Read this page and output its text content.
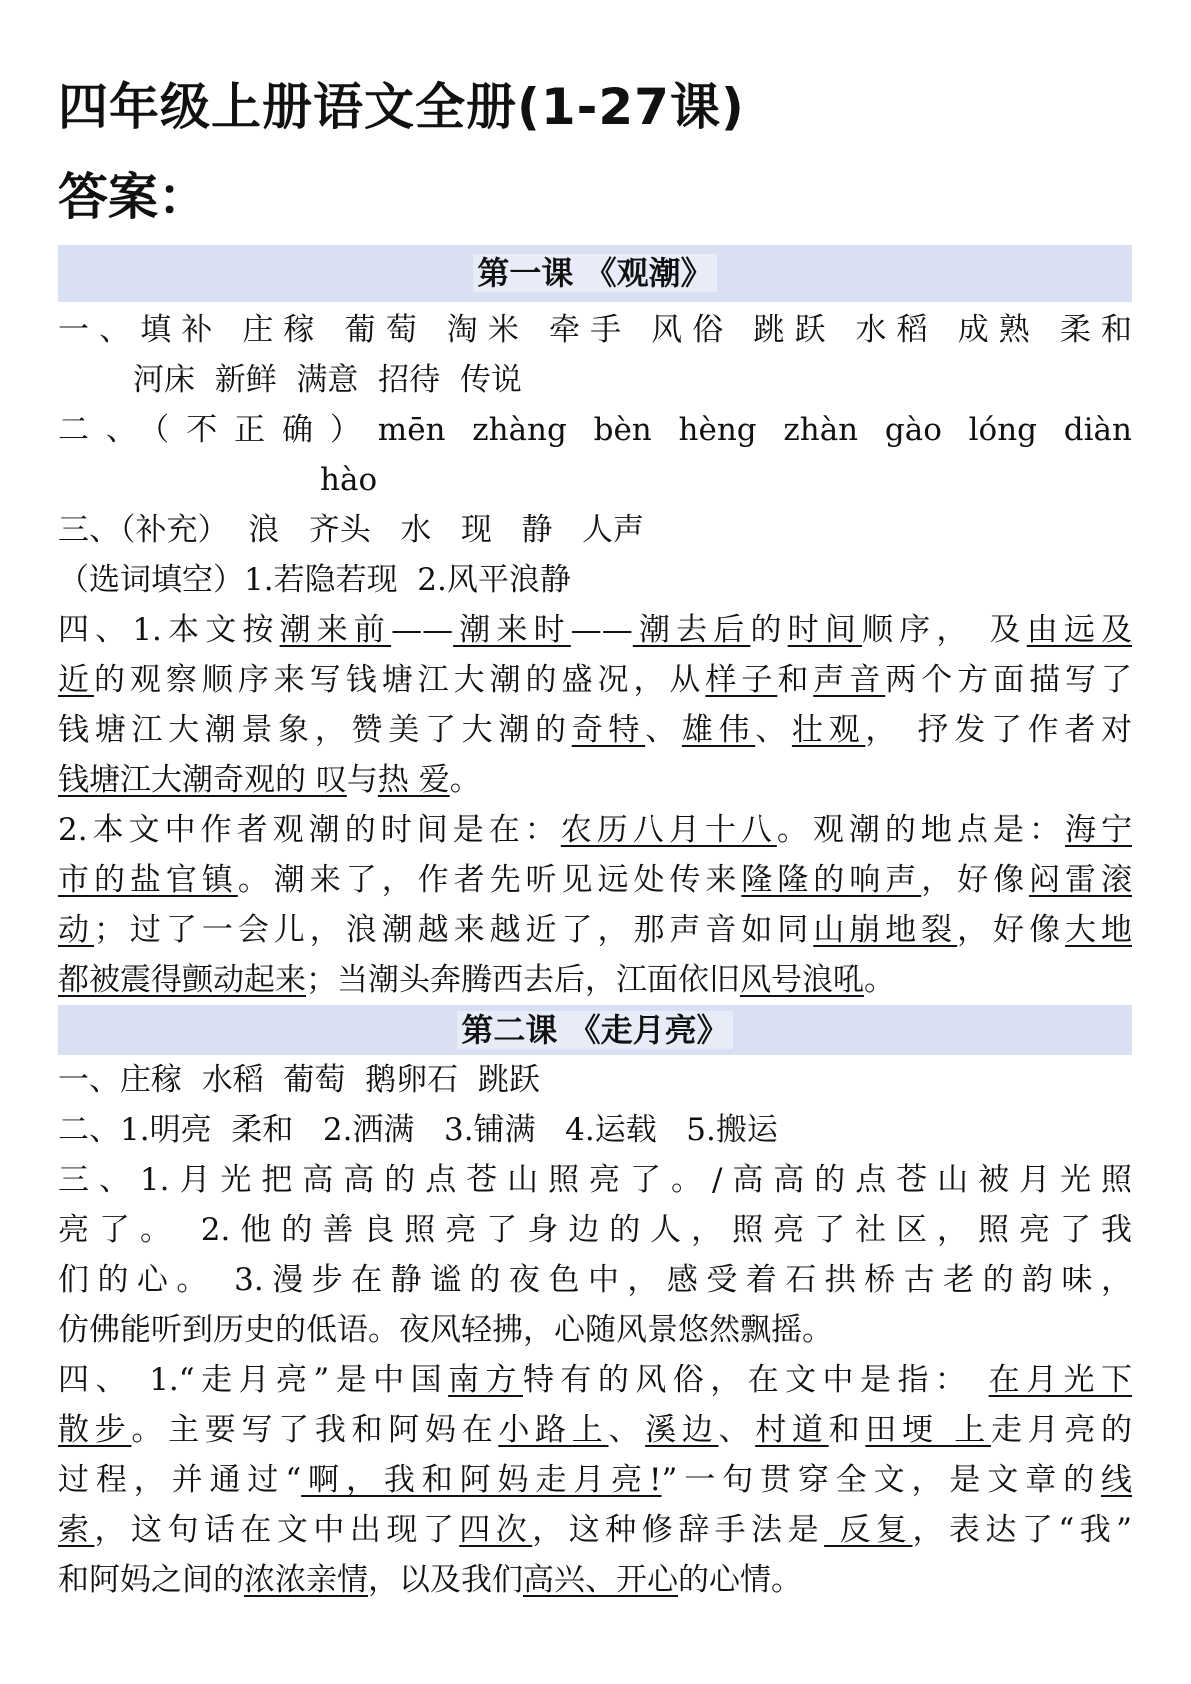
四年级上册语文全册(1-27课)
答案：
第一课 《观潮》
一、填补 庄稼 葡萄 淘米 牵手 风俗 跳跃 水稻 成熟 柔和
河床  新鲜  满意  招待  传说
二、（不正确）mēn zhàng bèn hèng zhàn gào lóng diàn
hào
三、（补充）  浪   齐头   水   现   静   人声
（选词填空）1.若隐若现  2.风平浪静
四、1.本文按潮来前——潮来时——潮去后的时间顺序， 及由远及
近的观察顺序来写钱塘江大潮的盛况，从样子和声音两个方面描写了
钱塘江大潮景象，赞美了大潮的奇特、雄伟、壮观， 抒发了作者对
钱塘江大潮奇观的 叹与热 爱。
2.本文中作者观潮的时间是在：农历八月十八。观潮的地点是：海宁
市的盐官镇。潮来了，作者先听见远处传来隆隆的响声，好像闷雷滚
动；过了一会儿，浪潮越来越近了，那声音如同山崩地裂，好像大地
都被震得颤动起来；当潮头奔腾西去后，江面依旧风号浪吼。
第二课 《走月亮》
一、庄稼  水稻  葡萄  鹅卵石  跳跃
二、1.明亮  柔和   2.洒满   3.铺满   4.运载   5.搬运
三、1.月光把高高的点苍山照亮了。/高高的点苍山被月光照
亮了。 2.他的善良照亮了身边的人，照亮了社区，照亮了我
们的心。 3.漫步在静谧的夜色中，感受着石拱桥古老的韵味，
仿佛能听到历史的低语。夜风轻拂，心随风景悠然飘摇。
四、 1.“走月亮”是中国南方特有的风俗，在文中是指： 在月光下
散步。主要写了我和阿妈在小路上、溪边、村道和田埂 上走月亮的
过程，并通过“啊，我和阿妈走月亮!”一句贯穿全文，是文章的线
索，这句话在文中出现了四次，这种修辞手法是 反复，表达了“我”
和阿妈之间的浓浓亲情，以及我们高兴、开心的心情。
